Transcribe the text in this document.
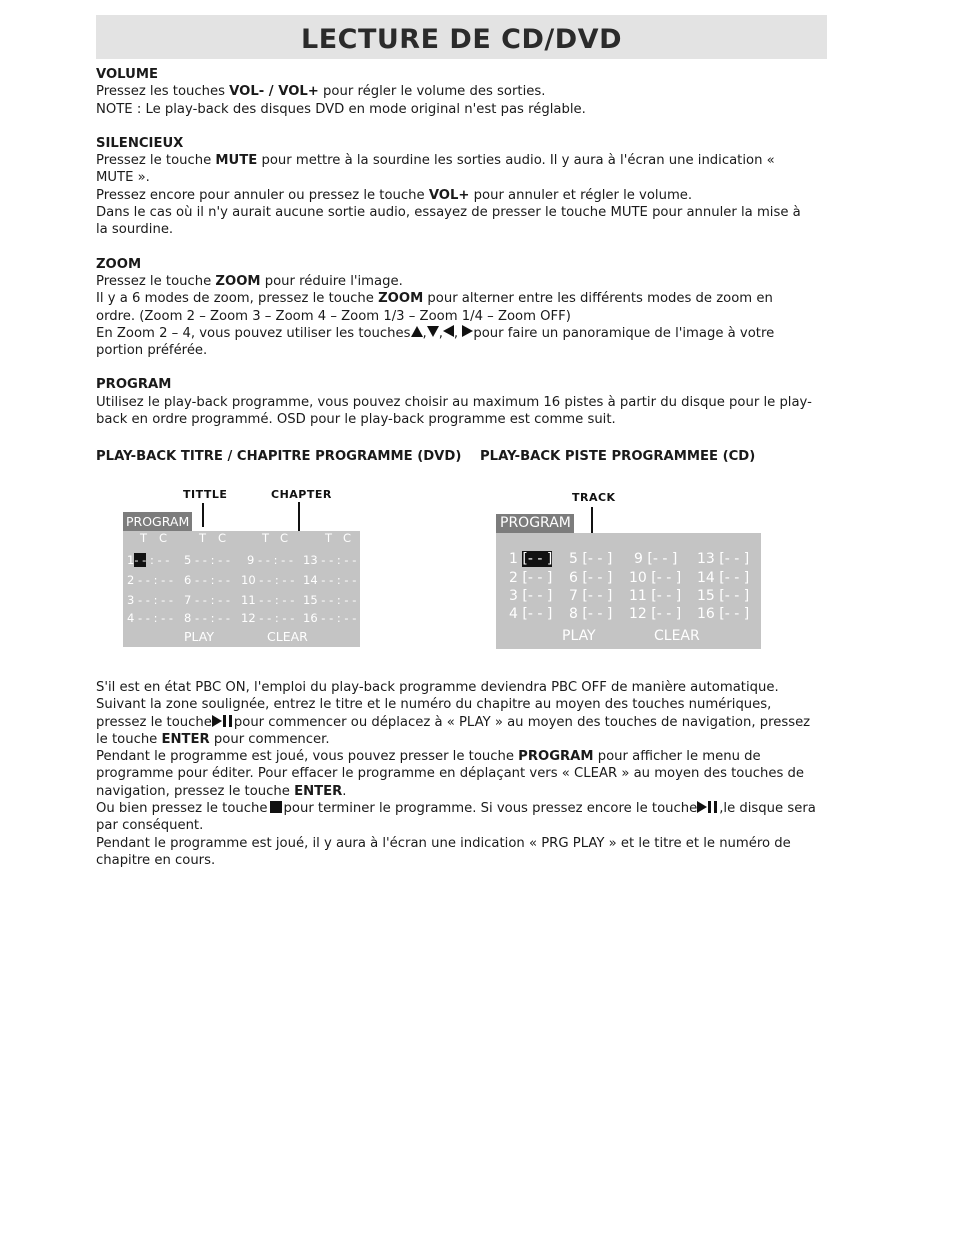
LECTURE DE CD/DVD
VOLUME

Pressez les touches VOL- / VOL+ pour régler le volume des sorties.

NOTE : Le play-back des disques DVD en mode original n'est pas réglable.

SILENCIEUX

Pressez le touche MUTE pour mettre à la sourdine les sorties audio. Il y aura à l'écran une indication « MUTE ».

Pressez encore pour annuler ou pressez le touche VOL+ pour annuler et régler le volume.

Dans le cas où il n'y aurait aucune sortie audio, essayez de presser le touche MUTE pour annuler la mise à la sourdine.

ZOOM

Pressez le touche ZOOM pour réduire l'image.

Il y a 6 modes de zoom, pressez le touche ZOOM pour alterner entre les différents modes de zoom en ordre. (Zoom 2 – Zoom 3 – Zoom 4 – Zoom 1/3 – Zoom 1/4 – Zoom OFF)

En Zoom 2 – 4, vous pouvez utiliser les touches , , , pour faire un panoramique de l'image à votre portion préférée.

PROGRAM

Utilisez le play-back programme, vous pouvez choisir au maximum 16 pistes à partir du disque pour le play-back en ordre programmé. OSD pour le play-back programme est comme suit.

PLAY-BACK TITRE / CHAPITRE PROGRAMME (DVD) PLAY-BACK PISTE PROGRAMMEE (CD)
TITTLE	CHAPTER
PROGRAM
T C	T C	T C	T C
1- - : - - 5 - - : - - 9 - - : - - 13 - - : - -
2 - - : - - 6 - - : - - 10 - - : - - 14 - - : - -
3 - - : - - 7 - - : - - 11 - - : - - 15 - - : - -
4 - - : - - 8 - - : - - 12 - - : - - 16 - - : - -
PLAY	CLEAR
TRACK
PROGRAM
1 [- - ] 5 [- - ] 9 [- - ] 13 [- - ]
2 [- - ] 6 [- - ] 10 [- - ] 14 [- - ]
3 [- - ] 7 [- - ] 11 [- - ] 15 [- - ]
4 [- - ] 8 [- - ] 12 [- - ] 16 [- - ]
PLAY	CLEAR

S'il est en état PBC ON, l'emploi du play-back programme deviendra PBC OFF de manière automatique.

Suivant la zone soulignée, entrez le titre et le numéro du chapitre au moyen des touches numériques, pressez le touche pour commencer ou déplacez à « PLAY » au moyen des touches de navigation, pressez le touche ENTER pour commencer.

Pendant le programme est joué, vous pouvez presser le touche PROGRAM pour afficher le menu de programme pour éditer. Pour effacer le programme en déplaçant vers « CLEAR » au moyen des touches de navigation, pressez le touche ENTER.

Ou bien pressez le touche pour terminer le programme. Si vous pressez encore le touche ,le disque sera par conséquent.

Pendant le programme est joué, il y aura à l'écran une indication « PRG PLAY » et le titre et le numéro de chapitre en cours.
